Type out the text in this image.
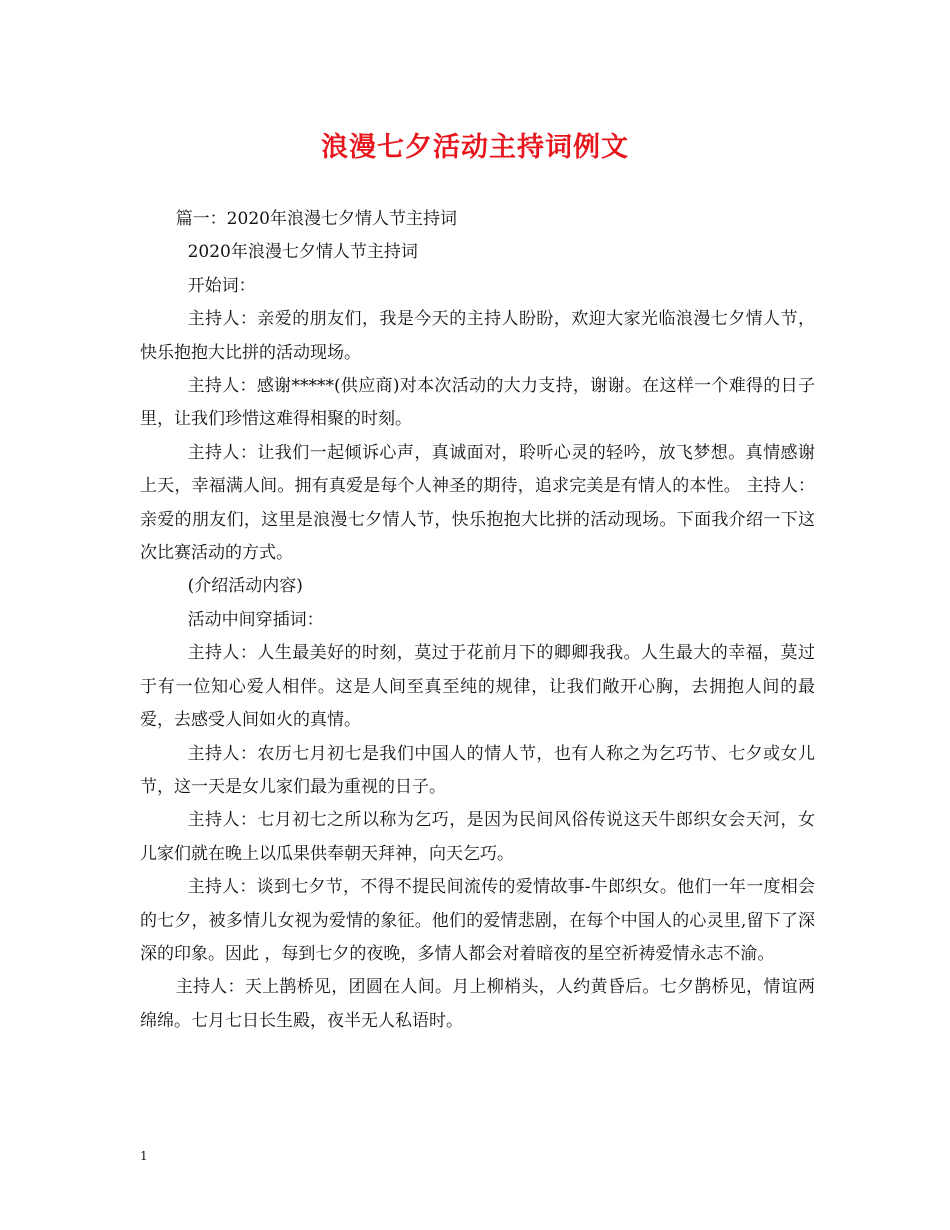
浪漫七夕活动主持词例文

篇一：2020年浪漫七夕情人节主持词

2020年浪漫七夕情人节主持词

开始词：

主持人：亲爱的朋友们，我是今天的主持人盼盼，欢迎大家光临浪漫七夕情人节，快乐抱抱大比拼的活动现场。

主持人：感谢*****(供应商)对本次活动的大力支持，谢谢。在这样一个难得的日子里，让我们珍惜这难得相聚的时刻。

主持人：让我们一起倾诉心声，真诚面对，聆听心灵的轻吟，放飞梦想。真情感谢上天，幸福满人间。拥有真爱是每个人神圣的期待，追求完美是有情人的本性。 主持人：亲爱的朋友们，这里是浪漫七夕情人节，快乐抱抱大比拼的活动现场。下面我介绍一下这次比赛活动的方式。

(介绍活动内容)

活动中间穿插词：

主持人：人生最美好的时刻，莫过于花前月下的卿卿我我。人生最大的幸福，莫过于有一位知心爱人相伴。这是人间至真至纯的规律，让我们敞开心胸，去拥抱人间的最爱，去感受人间如火的真情。

主持人：农历七月初七是我们中国人的情人节，也有人称之为乞巧节、七夕或女儿节，这一天是女儿家们最为重视的日子。

主持人：七月初七之所以称为乞巧，是因为民间风俗传说这天牛郎织女会天河，女儿家们就在晚上以瓜果供奉朝天拜神，向天乞巧。

主持人：谈到七夕节，不得不提民间流传的爱情故事-牛郎织女。他们一年一度相会的七夕，被多情儿女视为爱情的象征。他们的爱情悲剧，在每个中国人的心灵里,留下了深深的印象。因此 ，每到七夕的夜晚，多情人都会对着暗夜的星空祈祷爱情永志不渝。

主持人：天上鹊桥见，团圆在人间。月上柳梢头，人约黄昏后。七夕鹊桥见，情谊两绵绵。七月七日长生殿，夜半无人私语时。

1
